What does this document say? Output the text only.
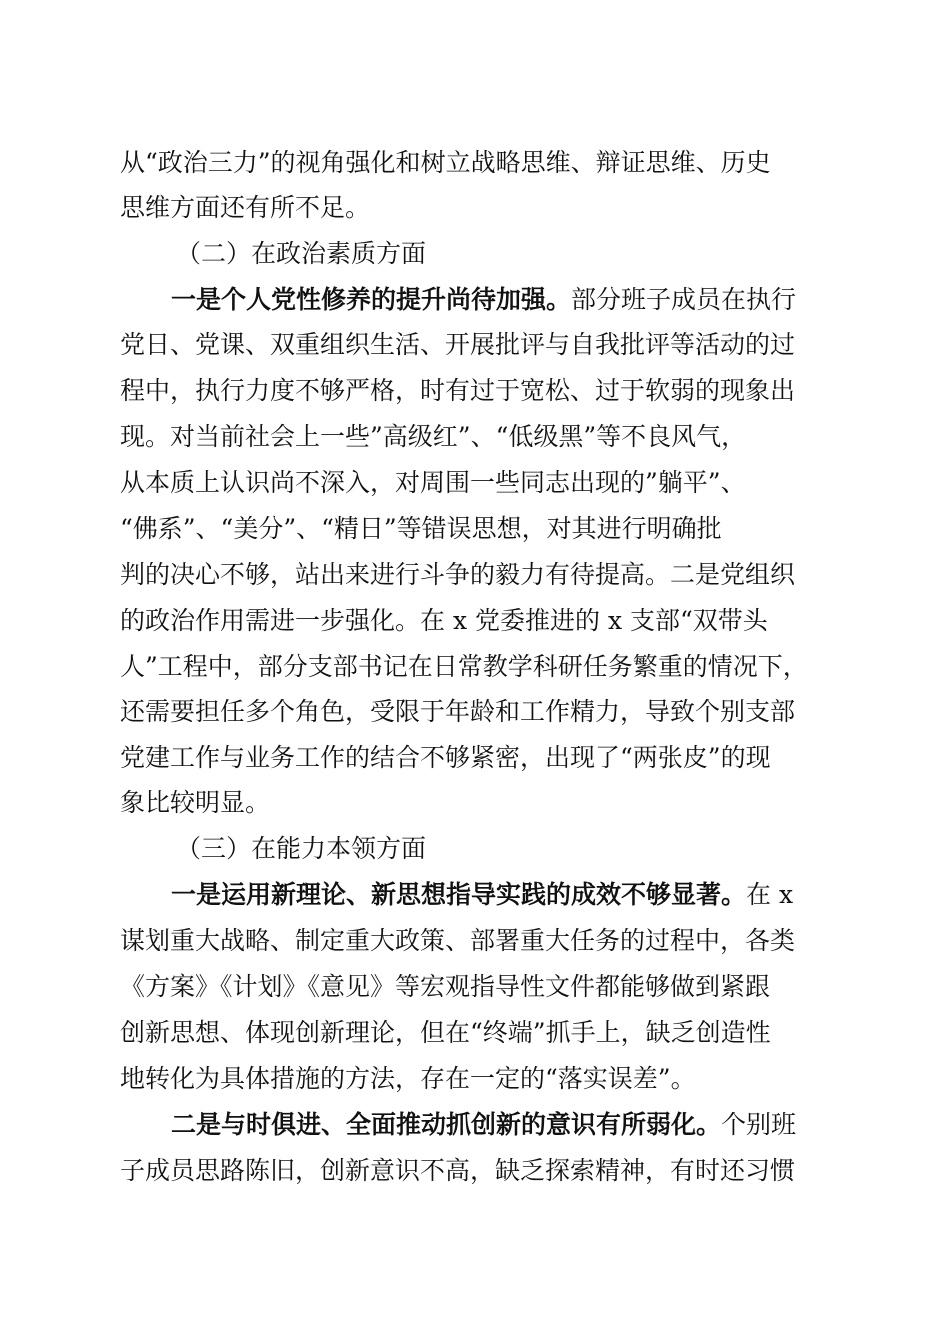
从“政治三力”的视角强化和树立战略思维、辩证思维、历史
思维方面还有所不足。
（二）在政治素质方面
一是个人党性修养的提升尚待加强。部分班子成员在执行
党日、党课、双重组织生活、开展批评与自我批评等活动的过
程中，执行力度不够严格，时有过于宽松、过于软弱的现象出
现。对当前社会上一些”高级红”、“低级黑”等不良风气，
从本质上认识尚不深入，对周围一些同志出现的”躺平”、
“佛系”、“美分”、“精日”等错误思想，对其进行明确批
判的决心不够，站出来进行斗争的毅力有待提高。二是党组织
的政治作用需进一步强化。在 x 党委推进的 x 支部“双带头
人”工程中，部分支部书记在日常教学科研任务繁重的情况下，
还需要担任多个角色，受限于年龄和工作精力，导致个别支部
党建工作与业务工作的结合不够紧密，出现了“两张皮”的现
象比较明显。
（三）在能力本领方面
一是运用新理论、新思想指导实践的成效不够显著。在 x
谋划重大战略、制定重大政策、部署重大任务的过程中，各类
《方案》《计划》《意见》等宏观指导性文件都能够做到紧跟
创新思想、体现创新理论，但在“终端”抓手上，缺乏创造性
地转化为具体措施的方法，存在一定的“落实误差”。
二是与时俱进、全面推动抓创新的意识有所弱化。个别班
子成员思路陈旧，创新意识不高，缺乏探索精神，有时还习惯
